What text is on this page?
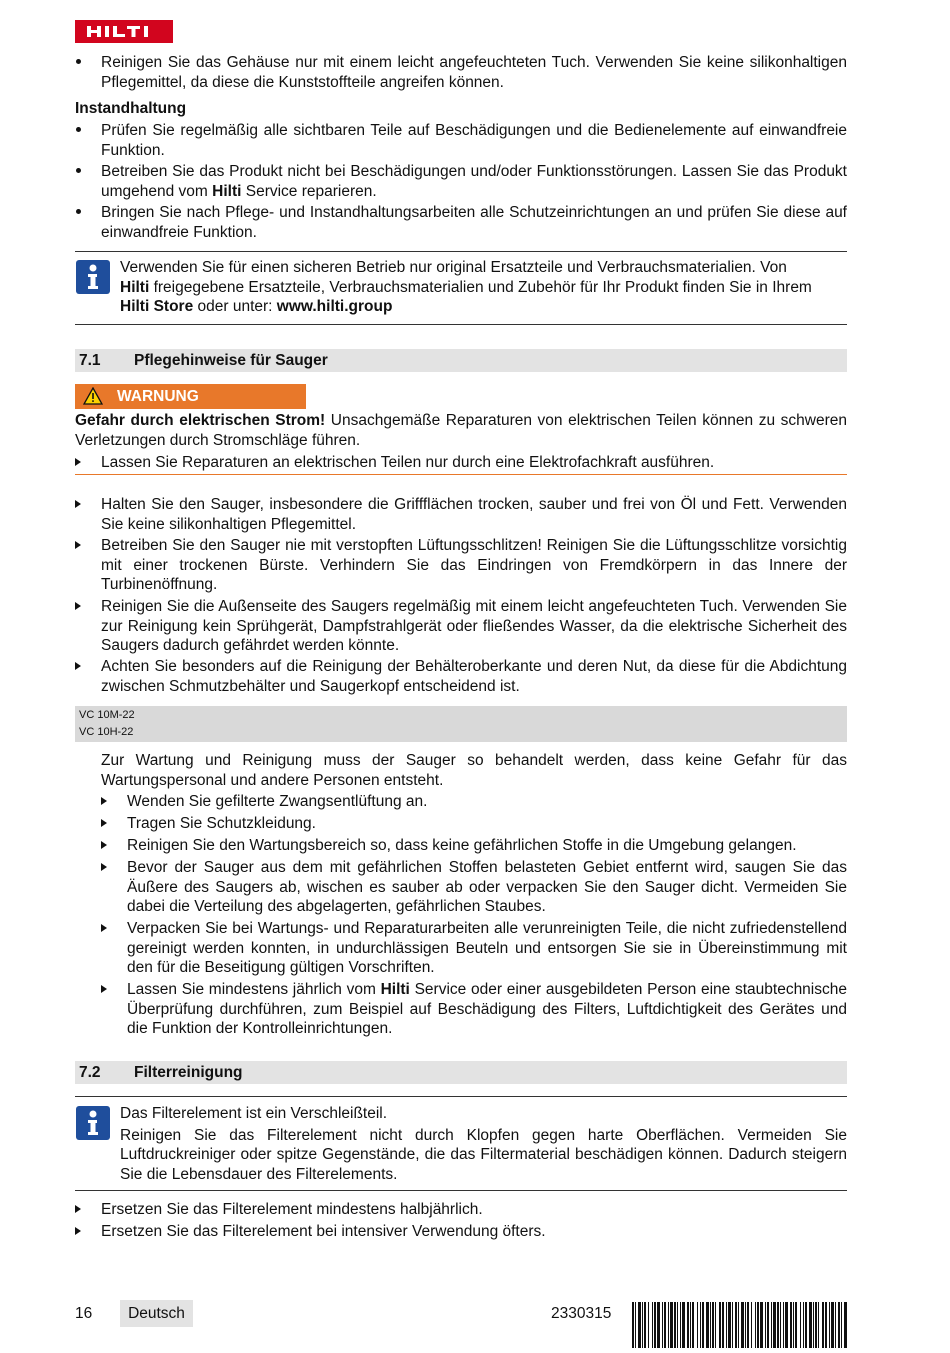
Reinigen Sie das Gehäuse nur mit einem leicht angefeuchteten Tuch. Verwenden Sie keine silikonhaltigen Pflegemittel, da diese die Kunststoffteile angreifen können.
Instandhaltung
Prüfen Sie regelmäßig alle sichtbaren Teile auf Beschädigungen und die Bedienelemente auf einwandfreie Funktion.
Betreiben Sie das Produkt nicht bei Beschädigungen und/oder Funktionsstörungen. Lassen Sie das Produkt umgehend vom Hilti Service reparieren.
Bringen Sie nach Pflege- und Instandhaltungsarbeiten alle Schutzeinrichtungen an und prüfen Sie diese auf einwandfreie Funktion.
Verwenden Sie für einen sicheren Betrieb nur original Ersatzteile und Verbrauchsmaterialien. Von
Hilti freigegebene Ersatzteile, Verbrauchsmaterialien und Zubehör für Ihr Produkt finden Sie in Ihrem
Hilti Store oder unter: www.hilti.group
7.1 Pflegehinweise für Sauger
WARNUNG
Gefahr durch elektrischen Strom! Unsachgemäße Reparaturen von elektrischen Teilen können zu schweren Verletzungen durch Stromschläge führen.
Lassen Sie Reparaturen an elektrischen Teilen nur durch eine Elektrofachkraft ausführen.
Halten Sie den Sauger, insbesondere die Griffflächen trocken, sauber und frei von Öl und Fett. Verwenden Sie keine silikonhaltigen Pflegemittel.
Betreiben Sie den Sauger nie mit verstopften Lüftungsschlitzen! Reinigen Sie die Lüftungsschlitze vorsichtig mit einer trockenen Bürste. Verhindern Sie das Eindringen von Fremdkörpern in das Innere der Turbinenöffnung.
Reinigen Sie die Außenseite des Saugers regelmäßig mit einem leicht angefeuchteten Tuch. Verwenden Sie zur Reinigung kein Sprühgerät, Dampfstrahlgerät oder fließendes Wasser, da die elektrische Sicherheit des Saugers dadurch gefährdet werden könnte.
Achten Sie besonders auf die Reinigung der Behälteroberkante und deren Nut, da diese für die Abdichtung zwischen Schmutzbehälter und Saugerkopf entscheidend ist.
VC 10M-22
VC 10H-22
Zur Wartung und Reinigung muss der Sauger so behandelt werden, dass keine Gefahr für das Wartungspersonal und andere Personen entsteht.
Wenden Sie gefilterte Zwangsentlüftung an.
Tragen Sie Schutzkleidung.
Reinigen Sie den Wartungsbereich so, dass keine gefährlichen Stoffe in die Umgebung gelangen.
Bevor der Sauger aus dem mit gefährlichen Stoffen belasteten Gebiet entfernt wird, saugen Sie das Äußere des Saugers ab, wischen es sauber ab oder verpacken Sie den Sauger dicht. Vermeiden Sie dabei die Verteilung des abgelagerten, gefährlichen Staubes.
Verpacken Sie bei Wartungs- und Reparaturarbeiten alle verunreinigten Teile, die nicht zufriedenstellend gereinigt werden konnten, in undurchlässigen Beuteln und entsorgen Sie sie in Übereinstimmung mit den für die Beseitigung gültigen Vorschriften.
Lassen Sie mindestens jährlich vom Hilti Service oder einer ausgebildeten Person eine staubtechnische Überprüfung durchführen, zum Beispiel auf Beschädigung des Filters, Luftdichtigkeit des Gerätes und die Funktion der Kontrolleinrichtungen.
7.2 Filterreinigung
Das Filterelement ist ein Verschleißteil.
Reinigen Sie das Filterelement nicht durch Klopfen gegen harte Oberflächen. Vermeiden Sie Luftdruckreiniger oder spitze Gegenstände, die das Filtermaterial beschädigen können. Dadurch steigern Sie die Lebensdauer des Filterelements.
Ersetzen Sie das Filterelement mindestens halbjährlich.
Ersetzen Sie das Filterelement bei intensiver Verwendung öfters.
16	Deutsch	2330315
